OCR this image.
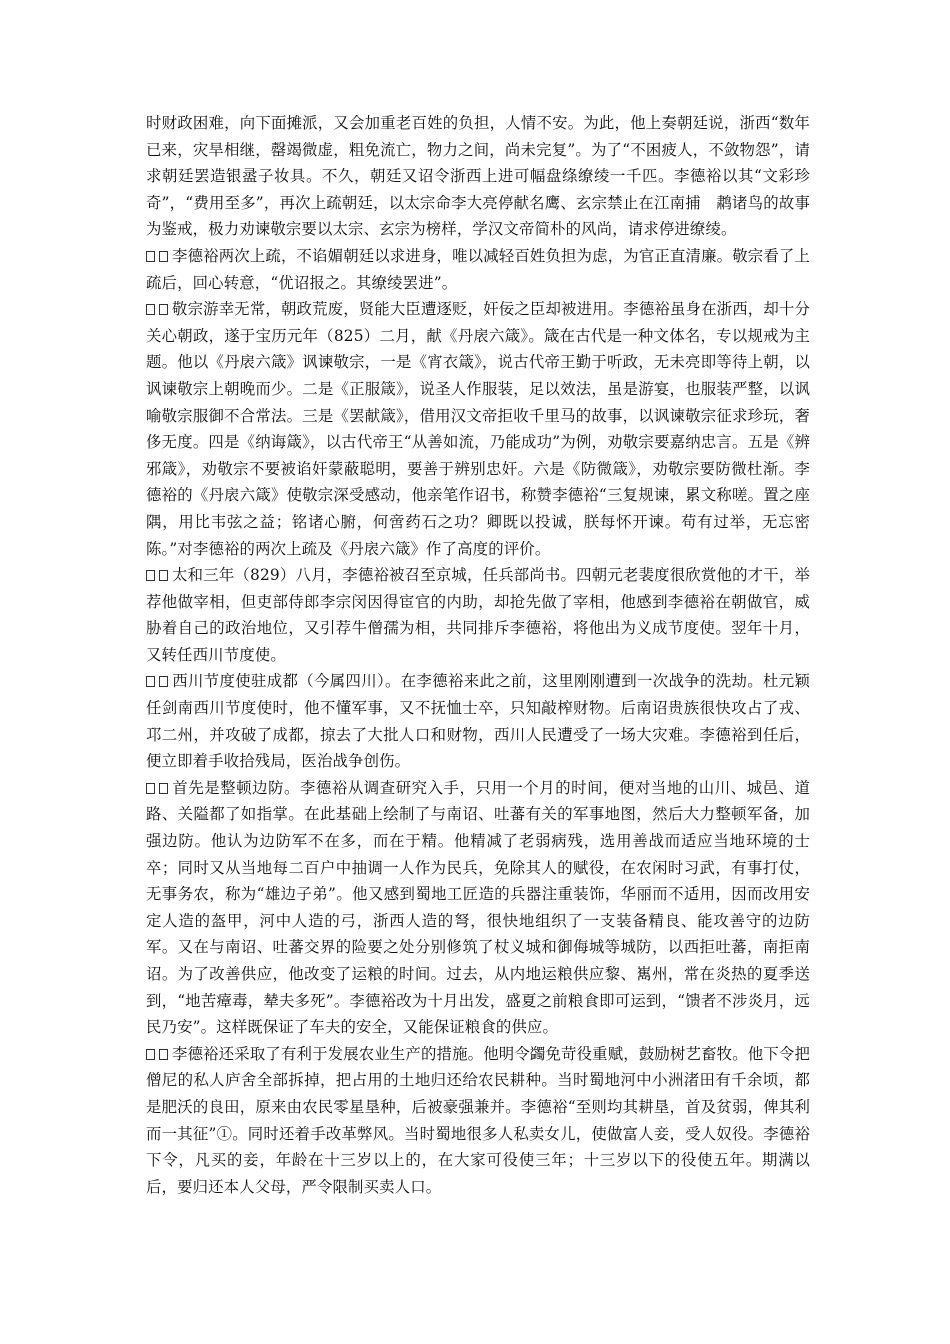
时财政困难，向下面摊派，又会加重老百姓的负担，人情不安。为此，他上奏朝廷说，浙西“数年已来，灾旱相继，罄竭微虚，粗免流亡，物力之间，尚未完复”。为了“不困疲人，不敛物怨”，请求朝廷罢造银盝子妆具。不久，朝廷又诏令浙西上进可幅盘绦缭绫一千匹。李德裕以其“文彩珍奇”，“费用至多”，再次上疏朝廷，以太宗命李大亮停献名鹰、玄宗禁止在江南捕　鹔诸鸟的故事为鉴戒，极力劝谏敬宗要以太宗、玄宗为榜样，学汉文帝简朴的风尚，请求停进缭绫。

李德裕两次上疏，不谄媚朝廷以求进身，唯以减轻百姓负担为虑，为官正直清廉。敬宗看了上疏后，回心转意，“优诏报之。其缭绫罢进”。

敬宗游幸无常，朝政荒废，贤能大臣遭逐贬，奸佞之臣却被进用。李德裕虽身在浙西，却十分关心朝政，遂于宝历元年（825）二月，献《丹扆六箴》。箴在古代是一种文体名，专以规戒为主题。他以《丹扆六箴》讽谏敬宗，一是《宵衣箴》，说古代帝王勤于听政，无未亮即等待上朝，以讽谏敬宗上朝晚而少。二是《正服箴》，说圣人作服装，足以效法，虽是游宴，也服装严整，以讽喻敬宗服御不合常法。三是《罢献箴》，借用汉文帝拒收千里马的故事，以讽谏敬宗征求珍玩，奢侈无度。四是《纳诲箴》，以古代帝王“从善如流，乃能成功”为例，劝敬宗要嘉纳忠言。五是《辨邪箴》，劝敬宗不要被谄奸蒙蔽聪明，要善于辨别忠奸。六是《防微箴》，劝敬宗要防微杜渐。李德裕的《丹扆六箴》使敬宗深受感动，他亲笔作诏书，称赞李德裕“三复规谏，累文称嗟。置之座隅，用比韦弦之益；铭诸心腑，何啻药石之功？卿既以投诚，朕每怀开谏。苟有过举，无忘密陈。”对李德裕的两次上疏及《丹扆六箴》作了高度的评价。

太和三年（829）八月，李德裕被召至京城，任兵部尚书。四朝元老裴度很欣赏他的才干，举荐他做宰相，但吏部侍郎李宗闵因得宦官的内助，却抢先做了宰相，他感到李德裕在朝做官，威胁着自己的政治地位，又引荐牛僧孺为相，共同排斥李德裕，将他出为义成节度使。翌年十月，又转任西川节度使。

西川节度使驻成都（今属四川）。在李德裕来此之前，这里刚刚遭到一次战争的洗劫。杜元颖任剑南西川节度使时，他不懂军事，又不抚恤士卒，只知敲榨财物。后南诏贵族很快攻占了戎、邛二州，并攻破了成都，掠去了大批人口和财物，西川人民遭受了一场大灾难。李德裕到任后，便立即着手收拾残局，医治战争创伤。

首先是整顿边防。李德裕从调查研究入手，只用一个月的时间，便对当地的山川、城邑、道路、关隘都了如指掌。在此基础上绘制了与南诏、吐蕃有关的军事地图，然后大力整顿军备，加强边防。他认为边防军不在多，而在于精。他精减了老弱病残，选用善战而适应当地环境的士卒；同时又从当地每二百户中抽调一人作为民兵，免除其人的赋役，在农闲时习武，有事打仗，无事务农，称为“雄边子弟”。他又感到蜀地工匠造的兵器注重装饰，华丽而不适用，因而改用安定人造的盔甲，河中人造的弓，浙西人造的弩，很快地组织了一支装备精良、能攻善守的边防军。又在与南诏、吐蕃交界的险要之处分别修筑了杖义城和御侮城等城防，以西拒吐蕃，南拒南诏。为了改善供应，他改变了运粮的时间。过去，从内地运粮供应黎、嶲州，常在炎热的夏季送到，“地苦瘴毒，辇夫多死”。李德裕改为十月出发，盛夏之前粮食即可运到，“馈者不涉炎月，远民乃安”。这样既保证了车夫的安全，又能保证粮食的供应。

李德裕还采取了有利于发展农业生产的措施。他明令蠲免苛役重赋，鼓励树艺畜牧。他下令把僧尼的私人庐舍全部拆掉，把占用的土地归还给农民耕种。当时蜀地河中小洲渚田有千余顷，都是肥沃的良田，原来由农民零星垦种，后被豪强兼并。李德裕“至则均其耕垦，首及贫弱，俾其利而一其征”①。同时还着手改革弊风。当时蜀地很多人私卖女儿，使做富人妾，受人奴役。李德裕下令，凡买的妾，年龄在十三岁以上的，在大家可役使三年；十三岁以下的役使五年。期满以后，要归还本人父母，严令限制买卖人口。
